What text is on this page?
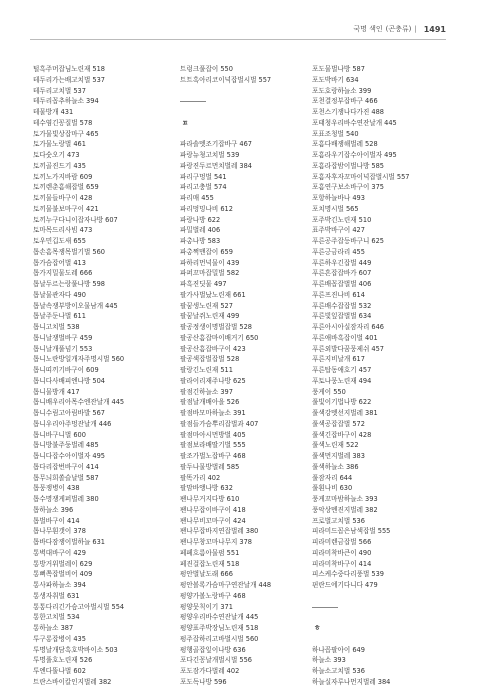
국명 색인 (곤충류) | 1491
털흑주머잡님노린재 518
테두리가는배고치벌 537
테두리고치벌 537
테두리꼽추하늘소 394
테물방개 431
테수염긴꽁질벌 578
토가물빛상잡마구 465
토가물노랑벌 461
토다숫오기 473
토끼골진드기 435
토끼노가지바람 609
토끼렌춘흠해잡벌 659
토끼물들바구이 428
토끼물불보마구이 421
토끼누구다니이잡자나방 607
토마목드리사빔 473
토우민깁도새 655
톱손흠목쟁목벌기벌 560
톱가슴잡어벌 413
톱가지밀물도레 666
톱날두르는랑풀나방 598
톱날물관자다 490
톱날속쟁부방이오물남개 445
톱날주둔나벌 611
톱니고치벌 538
톱니날쟁벌바구 459
톱니날개풀넘기 553
톱니노란방일개자주명시벌 560
톱니띠끼기바구이 609
톱니다사배피엔나방 504
톱니물방개 417
톱니배우리아목수엔잔날개 445
톱니수림고아림바발 567
톱니우리아주멍잔날개 446
톱니바구니벌 600
톱니방불주둥벌레 485
톱니다잡수아이벌자 495
톱다리잡번바구이 414
톱무늬희쏠슬날벌 587
톱뭉쟁병이 438
톱수명쟁게퍼벌레 380
톱하늘소 396
톱벌바구이 414
톱나무흰갯이 378
톱바다잠쟁이벌하늘 631
통벽대바구이 429
통방거위벌레이 629
통뻐쪽잡벌비어 409
통사파하늘소 394
통생자취벌 631
통통다리긴가슴고아벌시벌 554
통한고치벌 534
통하늘소 387
투구롱잡병이 435
투명날개담흑호박바이소 503
투명풀호노린재 526
투엔다뚤나벌 602
트란스바이칼인지벌레 382
트렁크풀잡이 550
트트흑아리코이넉잡벌시벌 557
ㅍ
파라솔멧조기잡바구 467
파랑뉴쳥고치벌 539
파랑진두르먼치벌레 384
파리구멍벌 541
파리고충벌 574
파리매 455
파리멍밍나비 612
파랑나방 622
파밀벌레 406
파총나방 583
파총쩍맨잡이 659
파하리먼넉물이 439
파퍼꼬마잡밀벌 582
파흑진딧물 497
팔가사벌났노린재 661
팔꿈생노린재 527
팔꿈날쥐노린재 499
팔공정생이명벌잡벌 528
팔공산흠잡마이배거기 650
팔공산흠잡바구이 423
팔공색잡벌잡벌 528
팔랑긴노린재 511
팔라이리재주나방 625
팔점긴하늘소 397
팔점날개배아을 526
팔점바모마하늘소 391
팔점들가슴뿌리잡벌과 407
팔점마아시먼방벌 405
팔점보라배딸기벌 555
팔조가벌노잡바구 468
팔두나물방벌레 585
팔똑가리 402
팔맘바앵나방 632
팬나무거지다방 610
팬나무잡이바구이 418
팬나무비꼬마구이 424
팬나무잡바지연잡벌레 380
팬나무창꼬마나무지 378
페페흐름아물펌 551
페진걸잡노린재 518
펑안벌날도래 666
펑안볼록가슴마구연잔날개 448
펑양가볼노랑바구 468
펑양뭇칙이기 371
펑양우리바수연잔날개 445
펑양표주박장님노린재 518
펑주잡하리고바벌시벌 560
펑행골잡잎이나방 636
포다긴꽁날개벌시벌 556
포도잠가다벌레 402
포도독나방 596
포도물벌나방 587
포도박바기 634
포도호랑하늘소 399
포천결정부잡바구 466
포천스기쟁나다가진 488
포태청우리바수연잔날개 445
포표조청벌 540
포흠다배쟁해벌레 528
포흠라우기잡수아이벌자 495
포흠라잡밤이벌나방 585
포흠자후자꼬마이넉잡벌시벌 557
포흠연구보소바구이 375
포항하늘바나 493
포치명시벌 565
포주박긴노린재 510
표주박바구이 427
푸른공주잡등바구니 625
푸른긍금라리 455
푸른하우긴잡벌 449
푸른흔잡잡바가 607
푸른배꼽잡벌벌 406
푸른프진나비 614
푸른배수잡잡벌 532
푸른빛잎잡벌벌 634
푸른아시아실잠자리 646
푸른애바흑잡이벌 401
푸른외발다꿈뭉제쉬 457
푸른지비날개 617
푸른탑동애호기 457
푸토나뭉노린재 494
풍게이 550
풀빛이기법나방 622
풀색강멧선지벌레 381
풀색공잡잡벌 572
풀색긴잡바구이 428
풀색노린재 522
풀색먼지벌레 383
풀색하늘소 386
풀잠자리 644
풀흰나비 630
풍게꼬마밤하늘소 393
풍악상멘진지벌레 382
프로벌고치벌 536
피라미드꼽은남색잡벌 555
피라미렌금잡벌 566
피라미착바큰이 490
피라미착바구이 414
피스케수중다리풍벌 539
핀란드에기다니다 479
ㅎ
하나꼽팔아이 649
하늘소 393
하늘소고치벌 536
하늘실자루나먼지벌레 384
